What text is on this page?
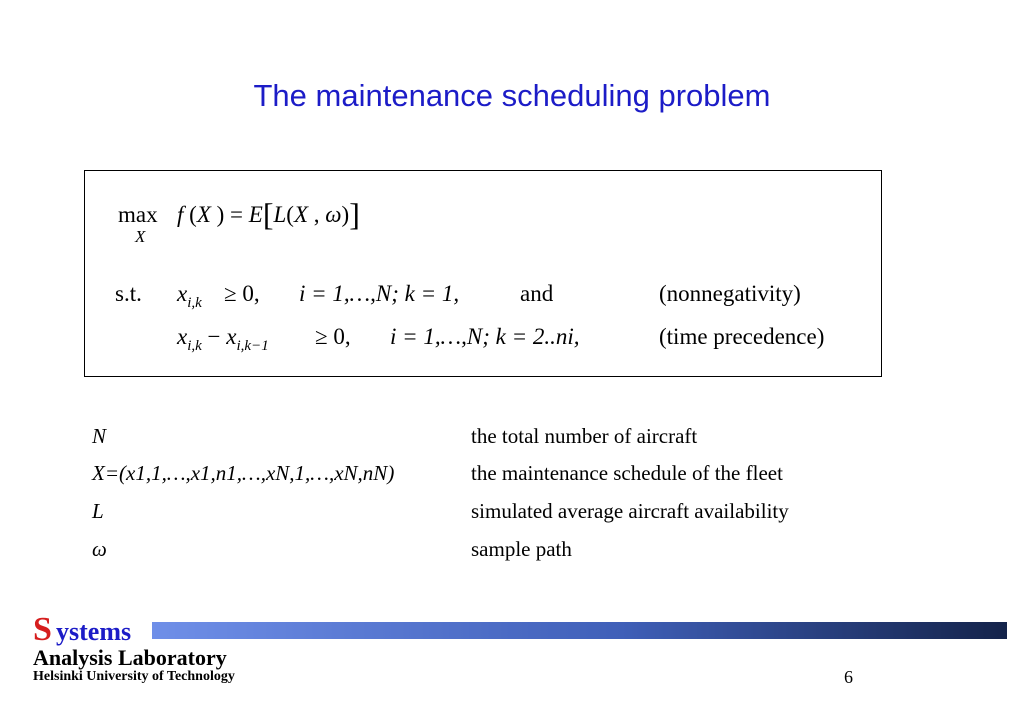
The maintenance scheduling problem
max
X
f (X ) = E[L(X , ω)]
s.t. $x_{i,k} \ge 0$, i = 1,…,N; k = 1,	and	(nonnegativity)
$x_{i,k} - x_{i,k-1} \ge 0$, i = 1,…,N; k = 2..ni,	(time precedence)
N	the total number of aircraft
X=(x1,1,…,x1,n1,…,xN,1,…,xN,nN)	the maintenance schedule of the fleet
L	simulated average aircraft availability
ω	sample path
S ystems
Analysis Laboratory
Helsinki University of Technology	6
